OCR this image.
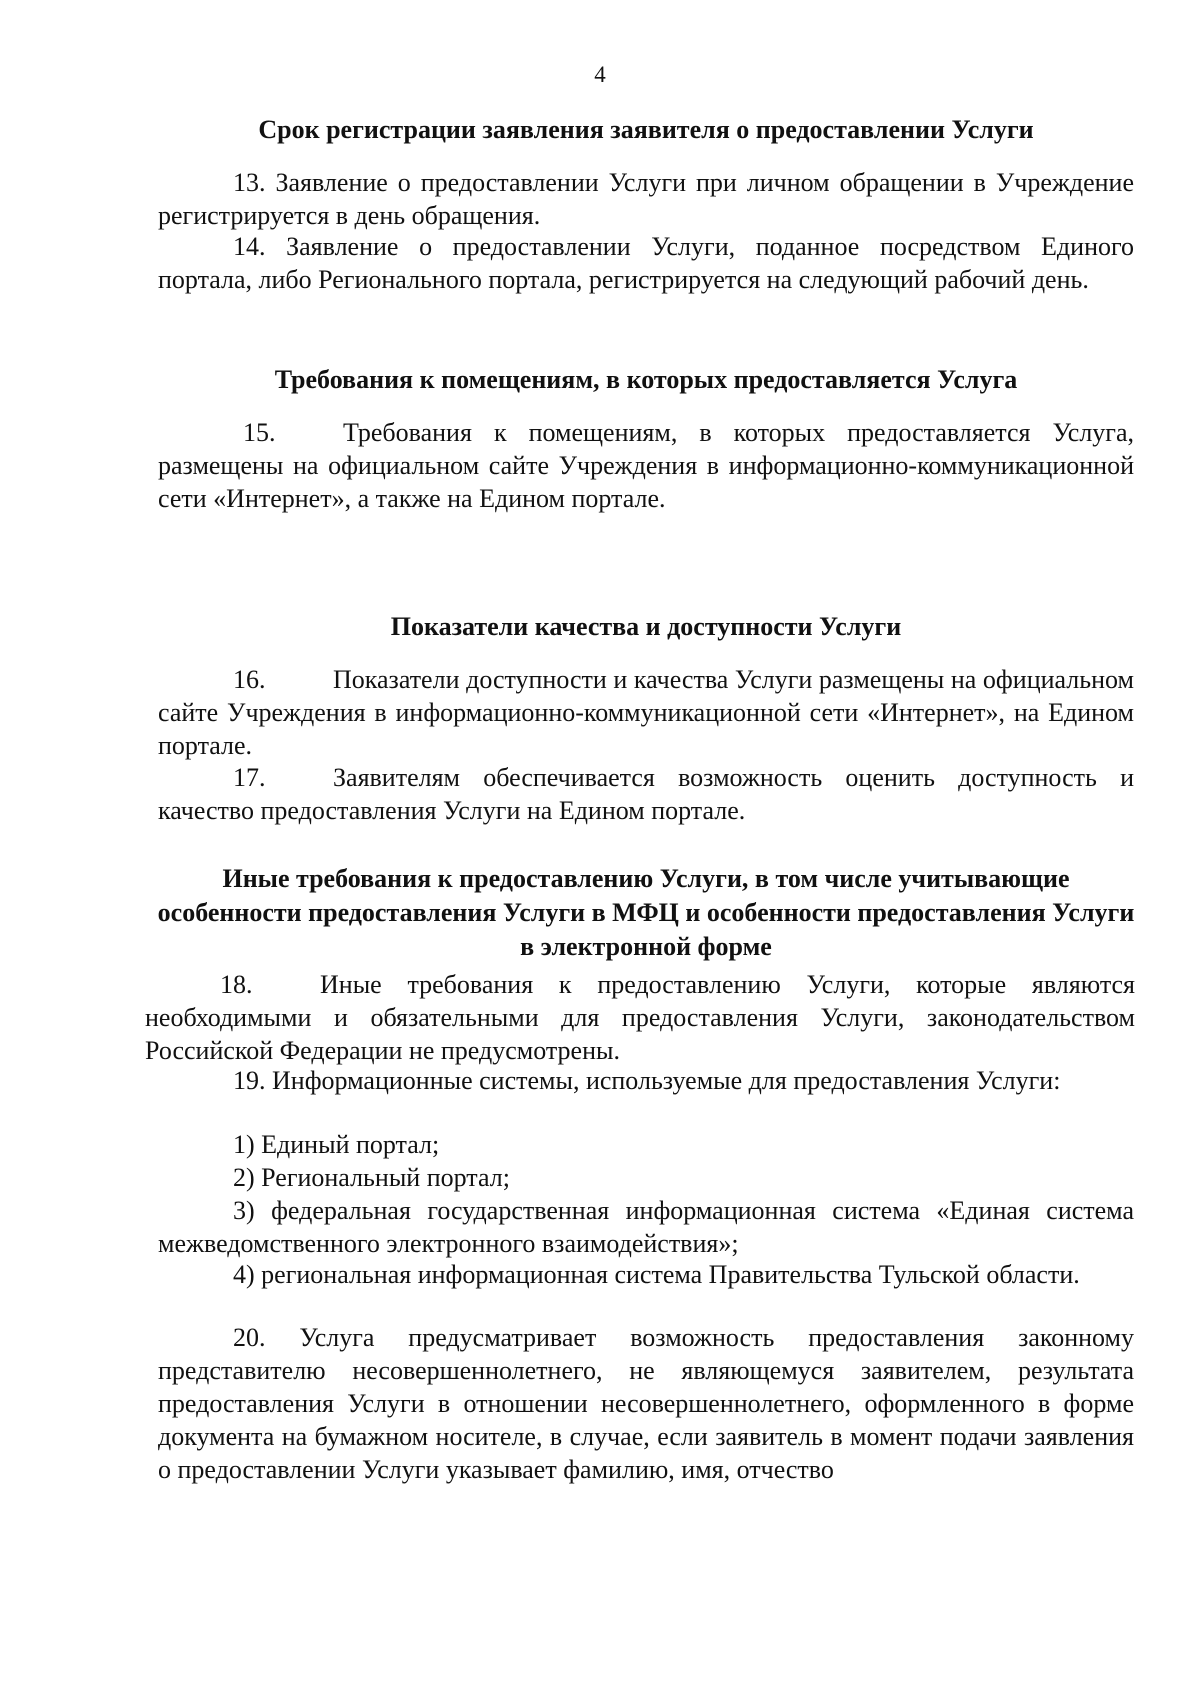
4
Срок регистрации заявления заявителя о предоставлении Услуги
13. Заявление о предоставлении Услуги при личном обращении в Учреждение регистрируется в день обращения.
14. Заявление о предоставлении Услуги, поданное посредством Единого портала, либо Регионального портала, регистрируется на следующий рабочий день.
Требования к помещениям, в которых предоставляется Услуга
15.	Требования к помещениям, в которых предоставляется Услуга, размещены на официальном сайте Учреждения в информационно-коммуникационной сети «Интернет», а также на Едином портале.
Показатели качества и доступности Услуги
16.	Показатели доступности и качества Услуги размещены на официальном сайте Учреждения в информационно-коммуникационной сети «Интернет», на Едином портале.
17.	Заявителям обеспечивается возможность оценить доступность и качество предоставления Услуги на Едином портале.
Иные требования к предоставлению Услуги, в том числе учитывающие особенности предоставления Услуги в МФЦ и особенности предоставления Услуги в электронной форме
18.	Иные требования к предоставлению Услуги, которые являются необходимыми и обязательными для предоставления Услуги, законодательством Российской Федерации не предусмотрены.
19. Информационные системы, используемые для предоставления Услуги:
1) Единый портал;
2) Региональный портал;
3) федеральная государственная информационная система «Единая система межведомственного электронного взаимодействия»;
4) региональная информационная система Правительства Тульской области.
20. Услуга предусматривает возможность предоставления законному представителю несовершеннолетнего, не являющемуся заявителем, результата предоставления Услуги в отношении несовершеннолетнего, оформленного в форме документа на бумажном носителе, в случае, если заявитель в момент подачи заявления о предоставлении Услуги указывает фамилию, имя, отчество
